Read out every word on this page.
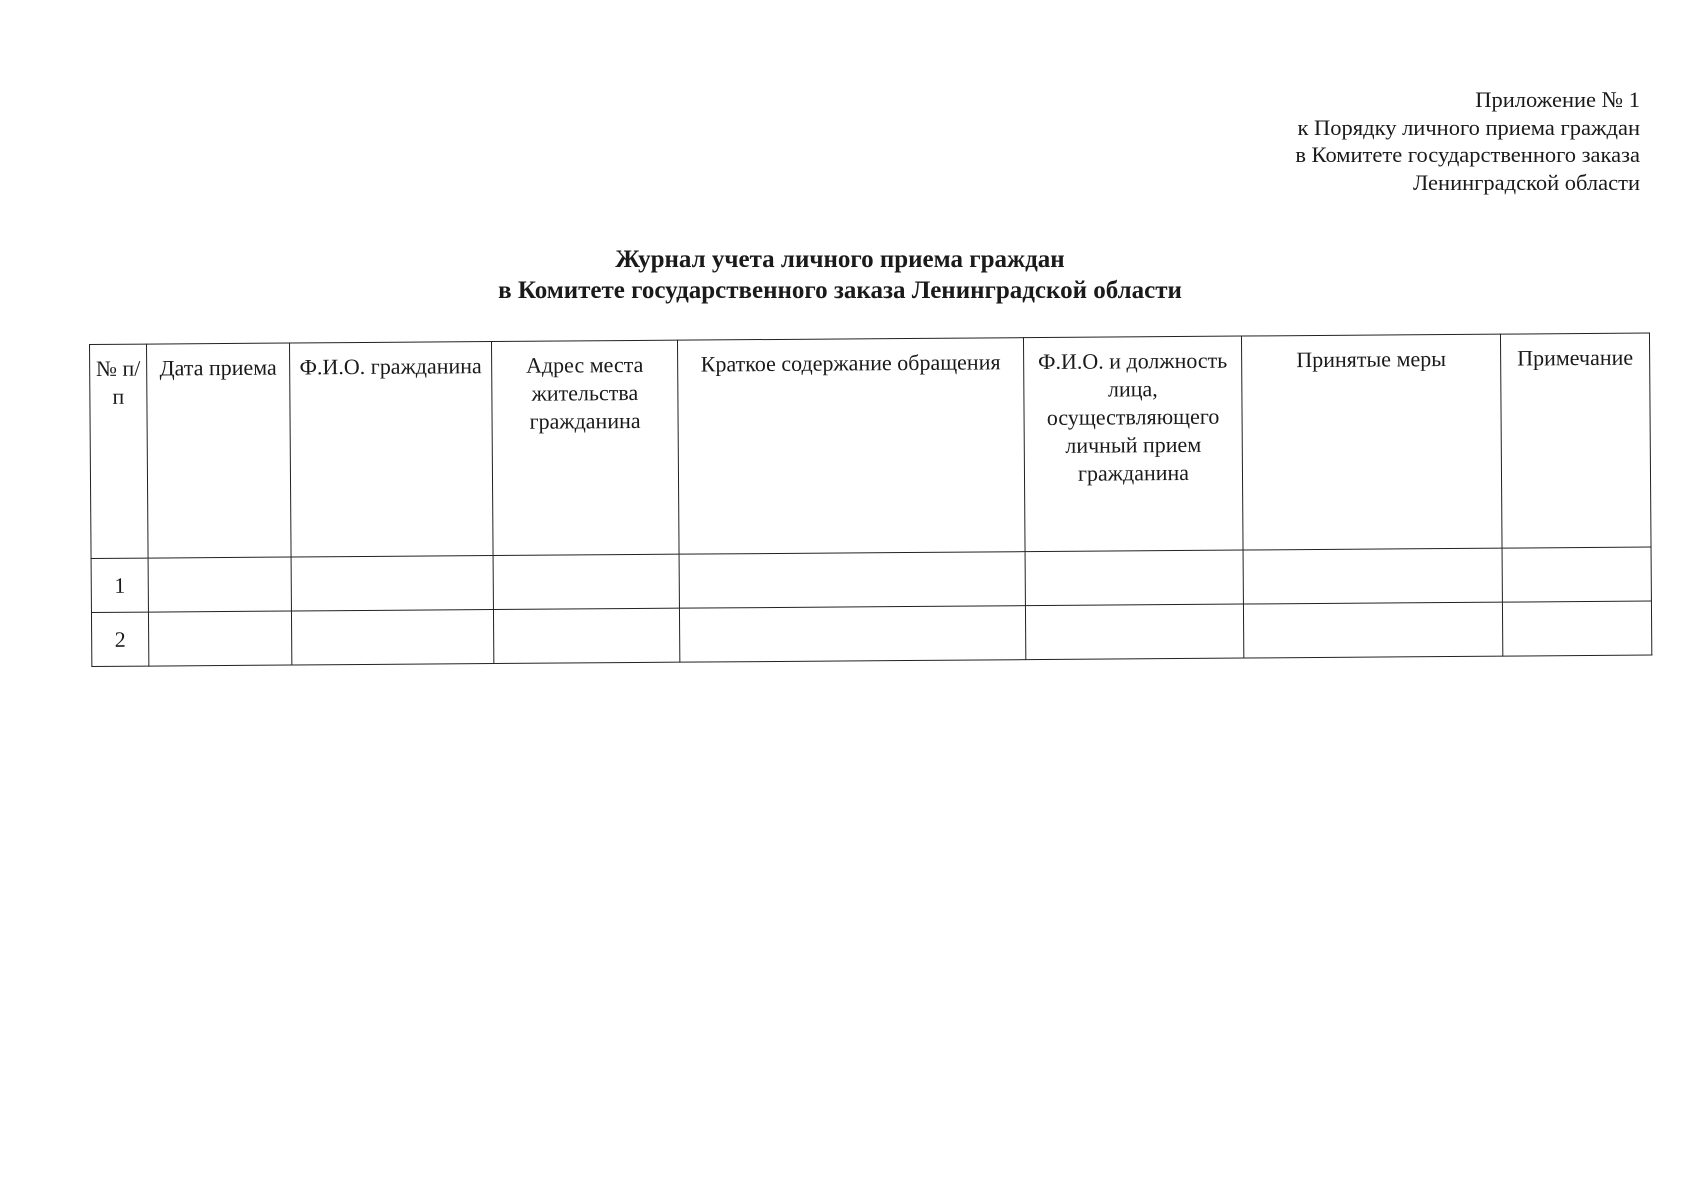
Приложение № 1
к Порядку личного приема граждан
в Комитете государственного заказа
Ленинградской области
Журнал учета личного приема граждан
в Комитете государственного заказа Ленинградской области
№ п/п	Дата приема	Ф.И.О. гражданина	Адрес места жительства гражданина	Краткое содержание обращения	Ф.И.О. и должность лица, осуществляющего личный прием гражданина	Принятые меры	Примечание

1							
2							
